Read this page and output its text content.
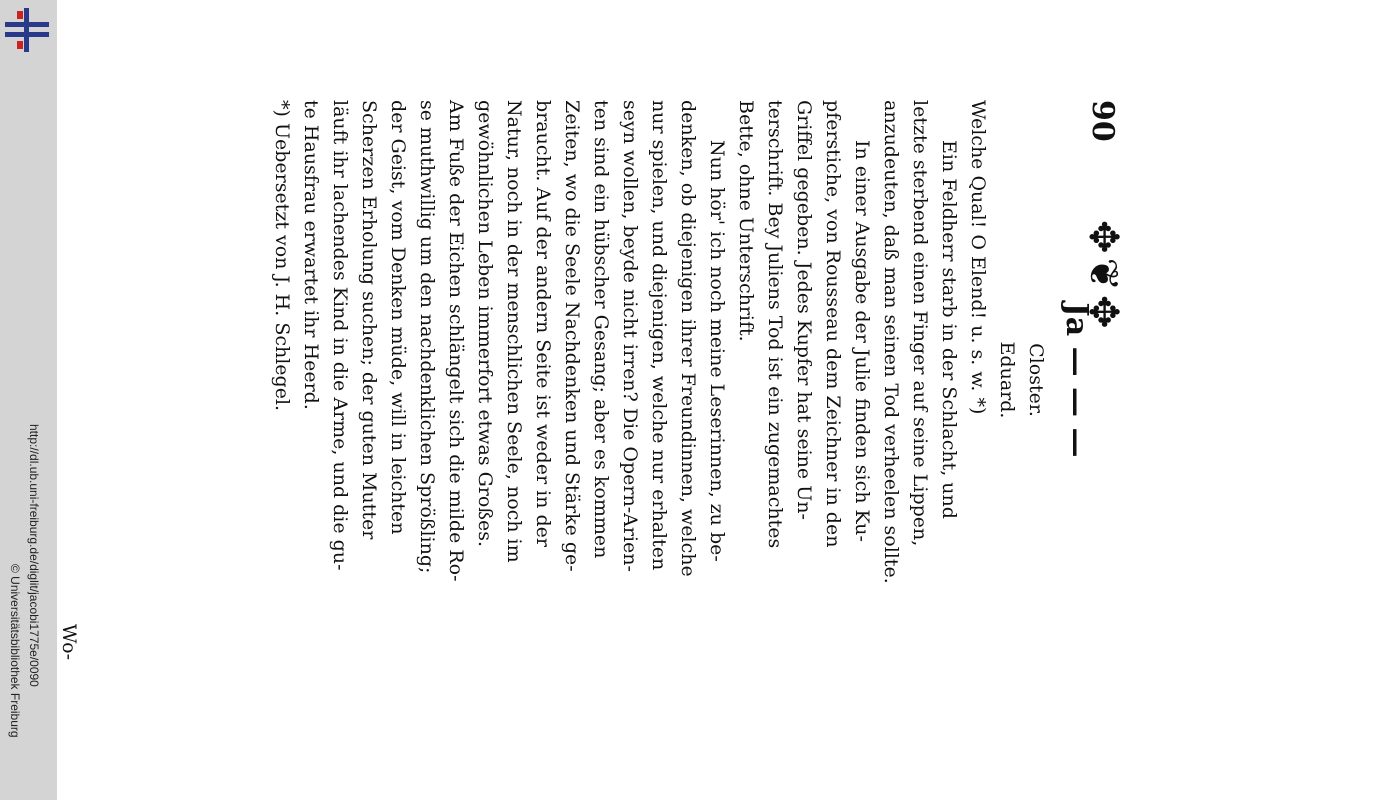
http://dl.ub.uni-freiburg.de/diglit/jacobi1775e/0090
© Universitätsbibliothek Freiburg
90
✥❦✥
Ja — — —

Closter.

Eduard.

Welche Qual! O Elend! u. s. w. *)

Ein Feldherr starb in der Schlacht, und

letzte sterbend einen Finger auf seine Lippen,

anzudeuten, daß man seinen Tod verheelen sollte.

In einer Ausgabe der Julie finden sich Ku-

pferstiche, von Rousseau dem Zeichner in den

Griffel gegeben. Jedes Kupfer hat seine Un-

terschrift. Bey Juliens Tod ist ein zugemachtes

Bette, ohne Unterschrift.

Nun hör' ich noch meine Leserinnen, zu be-

denken, ob diejenigen ihrer Freundinnen, welche

nur spielen, und diejenigen, welche nur erhalten

seyn wollen, beyde nicht irren? Die Opern-Arien-

ten sind ein hübscher Gesang; aber es kommen

Zeiten, wo die Seele Nachdenken und Stärke ge-

braucht. Auf der andern Seite ist weder in der

Natur, noch in der menschlichen Seele, noch im

gewöhnlichen Leben immerfort etwas Großes.

Am Fuße der Eichen schlängelt sich die milde Ro-

se muthwillig um den nachdenklichen Sprößling;

der Geist, vom Denken müde, will in leichten

Scherzen Erholung suchen; der guten Mutter

läuft ihr lachendes Kind in die Arme, und die gu-

te Hausfrau erwartet ihr Heerd.

*) Uebersetzt von J. H. Schlegel.

Wo-
